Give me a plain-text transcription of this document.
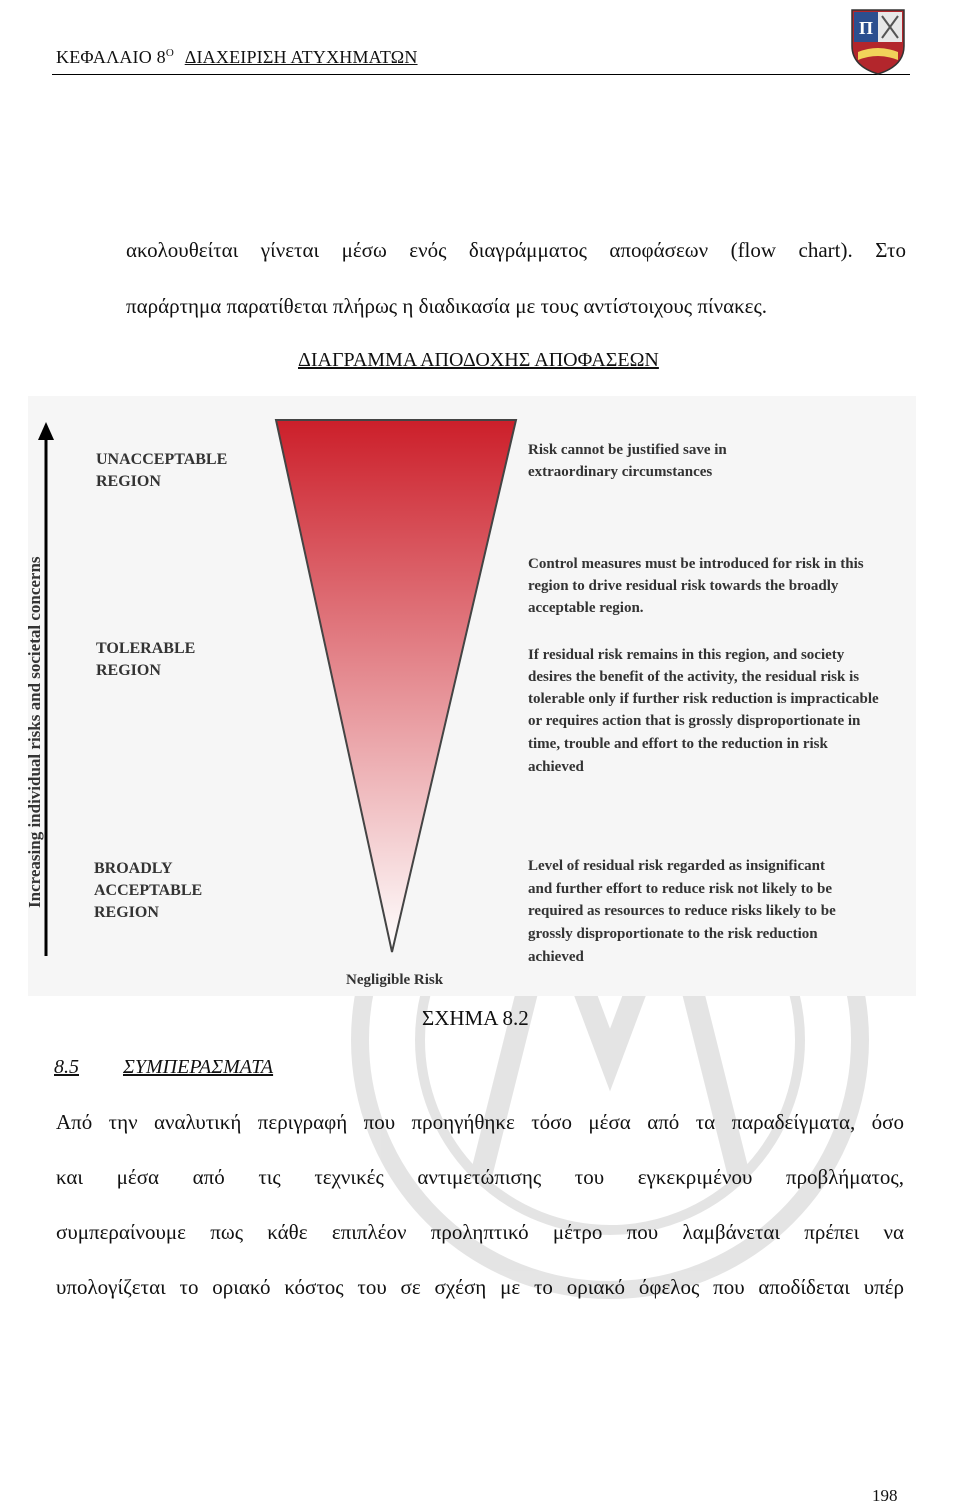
ΚΕΦΑΛΑΙΟ $8^O$ ΔΙΑΧΕΙΡΙΣΗ ΑΤΥΧΗΜΑΤΩΝ
Π
ακολουθείται γίνεται μέσω ενός διαγράμματος αποφάσεων (flow chart). Στο
παράρτημα παρατίθεται πλήρως η διαδικασία με τους αντίστοιχους πίνακες.
ΔΙΑΓΡΑΜΜΑ ΑΠΟΔΟΧΗΣ ΑΠΟΦΑΣΕΩΝ
Increasing individual risks and societal concerns
UNACCEPTABLE
REGION
TOLERABLE
REGION
BROADLY
ACCEPTABLE
REGION
Negligible Risk
Risk cannot be justified save in
extraordinary circumstances
Control measures must be introduced for risk in this
region to drive residual risk towards the broadly
acceptable region.
If residual risk remains in this region, and society
desires the benefit of the activity, the residual risk is
tolerable only if further risk reduction is impracticable
or requires action that is grossly disproportionate in
time, trouble and effort to the reduction in risk
achieved
Level of residual risk regarded as insignificant
and further effort to reduce risk not likely to be
required as resources to reduce risks likely to be
grossly disproportionate to the risk reduction
achieved
ΣΧΗΜΑ 8.2
8.5 ΣΥΜΠΕΡΑΣΜΑΤΑ
Από την αναλυτική περιγραφή που προηγήθηκε τόσο μέσα από τα παραδείγματα, όσο
και μέσα από τις τεχνικές αντιμετώπισης του εγκεκριμένου προβλήματος,
συμπεραίνουμε πως κάθε επιπλέον προληπτικό μέτρο που λαμβάνεται πρέπει να
υπολογίζεται το οριακό κόστος του σε σχέση με το οριακό όφελος που αποδίδεται υπέρ
198
